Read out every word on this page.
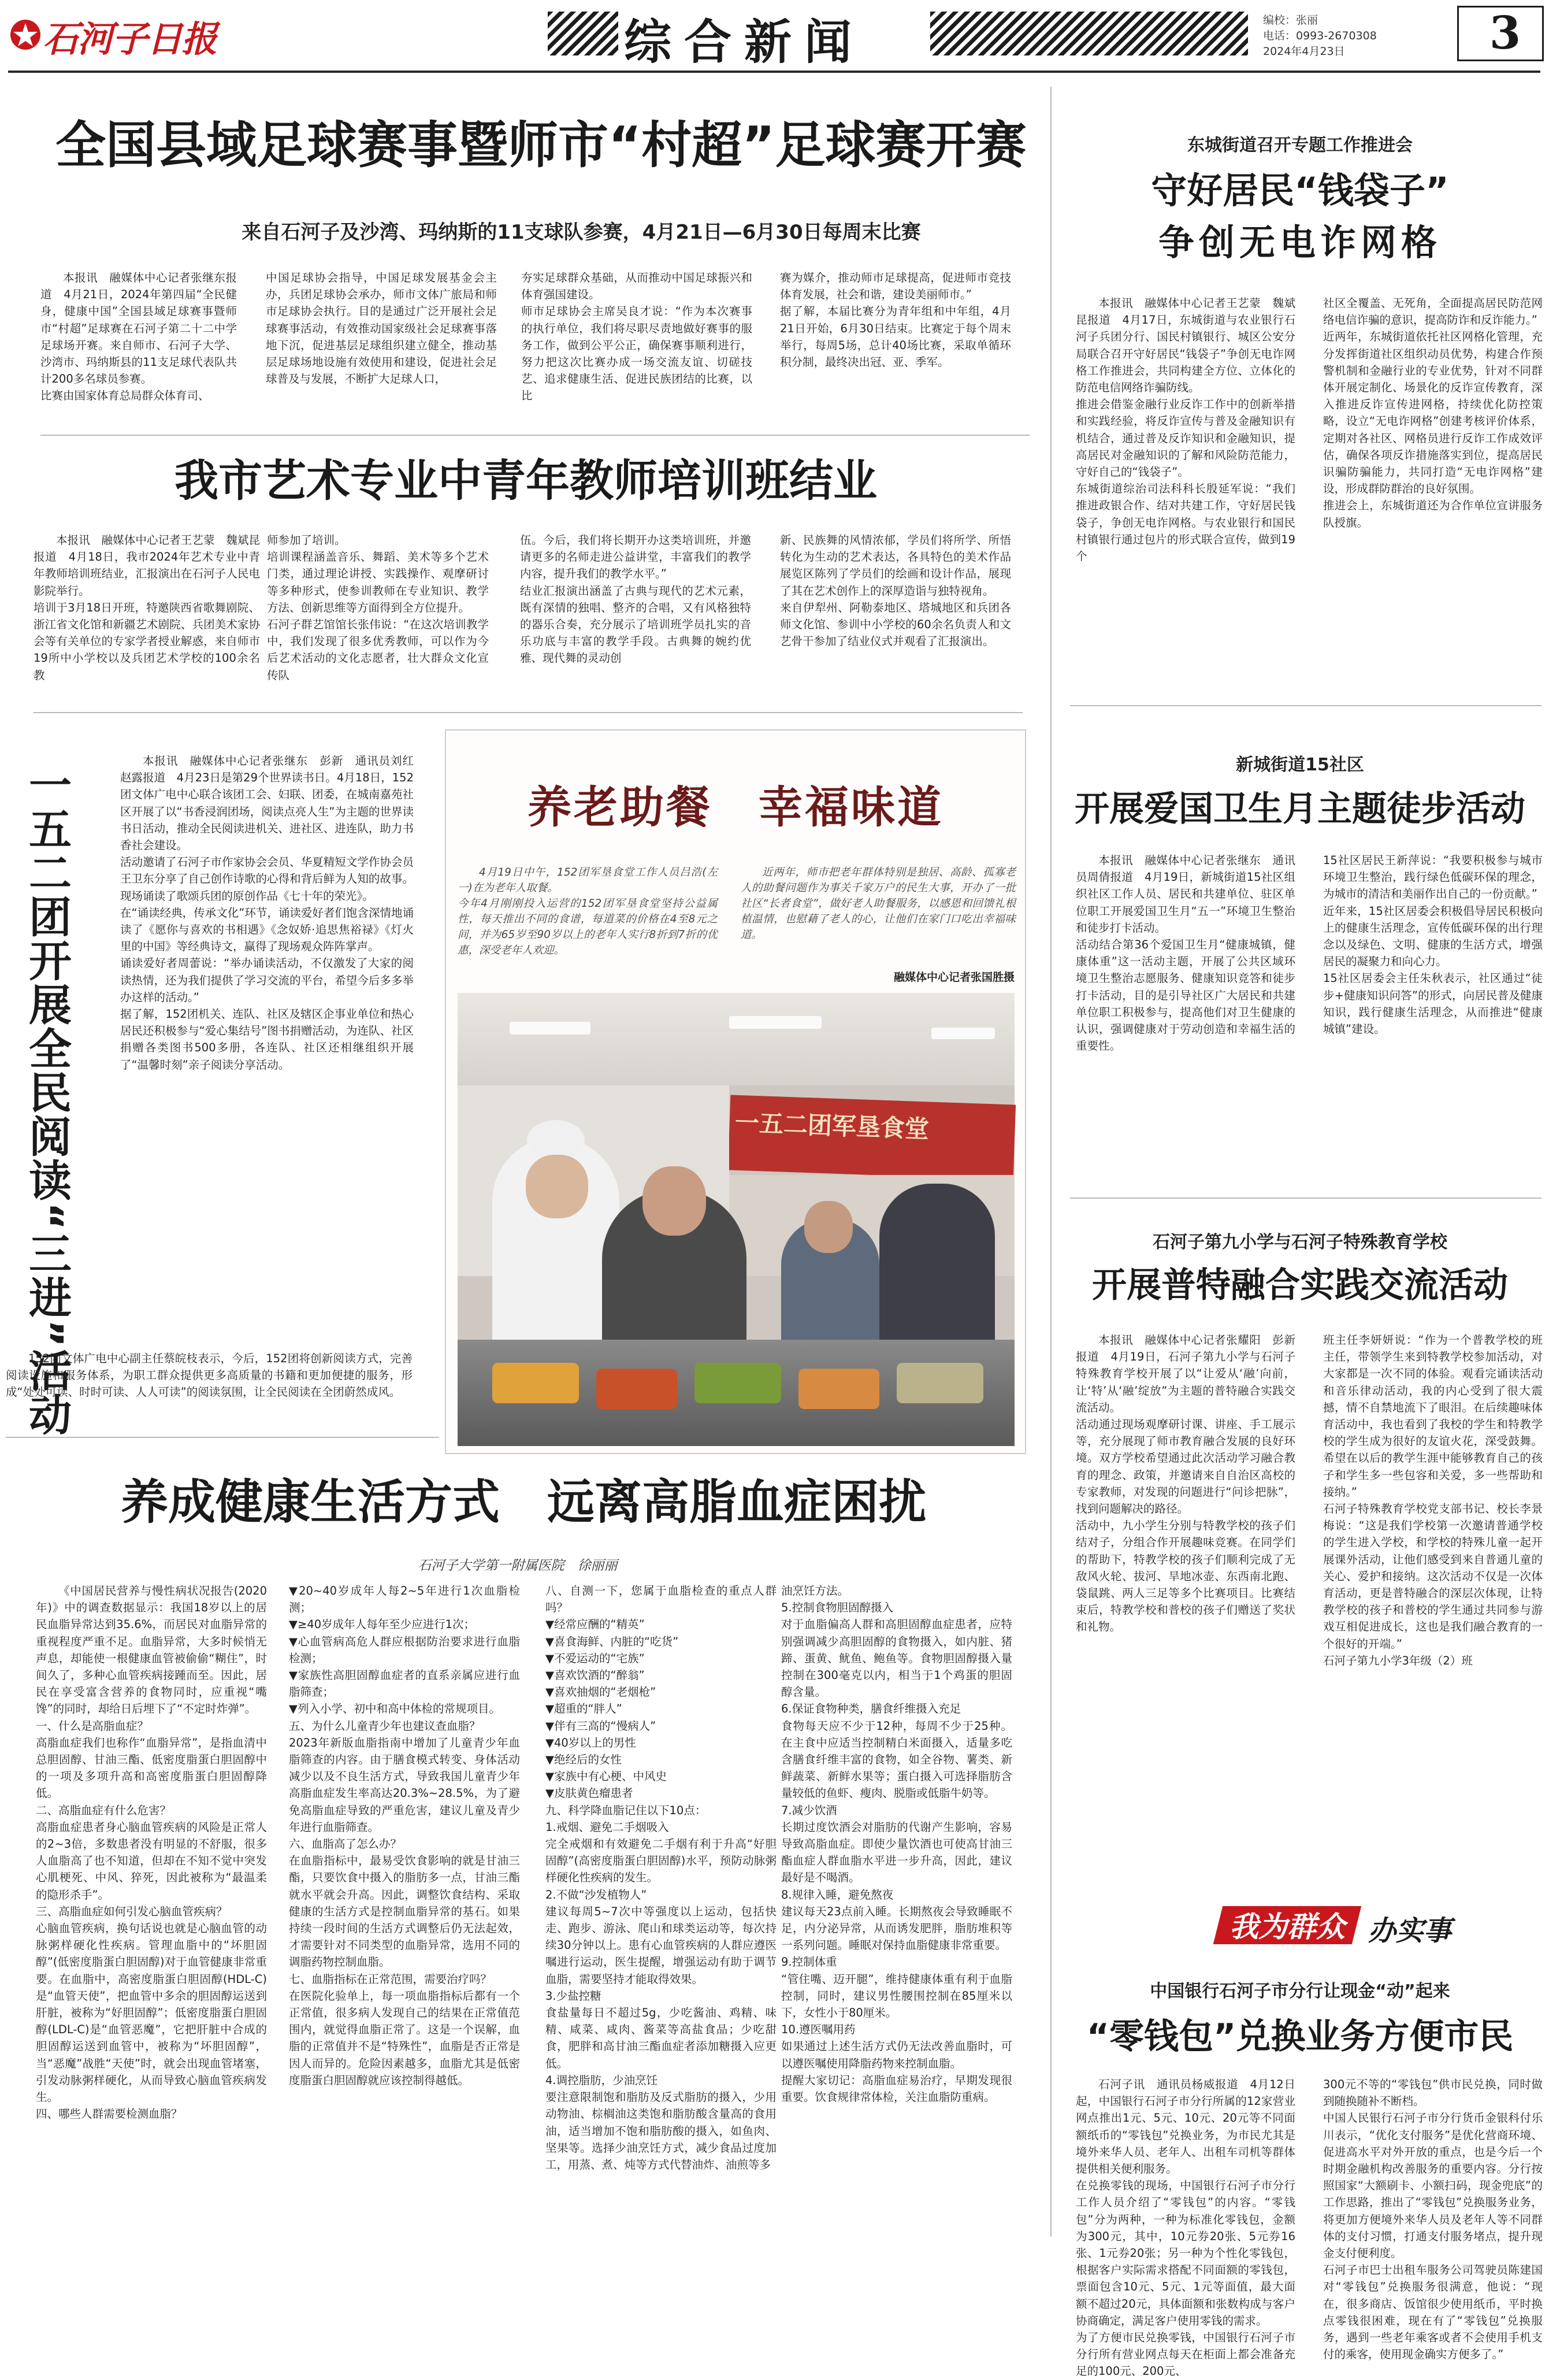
石河子日报	综合新闻	编校：张丽
电话：0993-2670308
2024年4月23日	3
全国县域足球赛事暨师市“村超”足球赛开赛
来自石河子及沙湾、玛纳斯的11支球队参赛，4月21日—6月30日每周末比赛
本报讯　融媒体中心记者张继东报道　4月21日，2024年第四届“全民健身，健康中国”全国县域足球赛事暨师市“村超”足球赛在石河子第二十二中学足球场开赛。来自师市、石河子大学、沙湾市、玛纳斯县的11支足球代表队共计200多名球员参赛。
比赛由国家体育总局群众体育司、
中国足球协会指导，中国足球发展基金会主办，兵团足球协会承办，师市文体广旅局和师市足球协会执行。目的是通过广泛开展社会足球赛事活动，有效推动国家级社会足球赛事落地下沉，促进基层足球组织建立健全，推动基层足球场地设施有效使用和建设，促进社会足球普及与发展，不断扩大足球人口，
夯实足球群众基础，从而推动中国足球振兴和体育强国建设。
师市足球协会主席吴良才说：“作为本次赛事的执行单位，我们将尽职尽责地做好赛事的服务工作，做到公平公正，确保赛事顺利进行，努力把这次比赛办成一场交流友谊、切磋技艺、追求健康生活、促进民族团结的比赛，以比
赛为媒介，推动师市足球提高，促进师市竞技体育发展，社会和谐，建设美丽师市。”
据了解，本届比赛分为青年组和中年组，4月21日开始，6月30日结束。比赛定于每个周末举行，每周5场，总计40场比赛，采取单循环积分制，最终决出冠、亚、季军。
我市艺术专业中青年教师培训班结业
本报讯　融媒体中心记者王艺蒙　魏斌昆报道　4月18日，我市2024年艺术专业中青年教师培训班结业，汇报演出在石河子人民电影院举行。
培训于3月18日开班，特邀陕西省歌舞剧院、浙江省文化馆和新疆艺术剧院、兵团美术家协会等有关单位的专家学者授业解惑，来自师市19所中小学校以及兵团艺术学校的100余名教
师参加了培训。
培训课程涵盖音乐、舞蹈、美术等多个艺术门类，通过理论讲授、实践操作、观摩研讨等多种形式，使参训教师在专业知识、教学方法、创新思维等方面得到全方位提升。
石河子群艺馆馆长张伟说：“在这次培训教学中，我们发现了很多优秀教师，可以作为今后艺术活动的文化志愿者，壮大群众文化宣传队
伍。今后，我们将长期开办这类培训班，并邀请更多的名师走进公益讲堂，丰富我们的教学内容，提升我们的教学水平。”
结业汇报演出涵盖了古典与现代的艺术元素，既有深情的独唱、整齐的合唱，又有风格独特的器乐合奏，充分展示了培训班学员扎实的音乐功底与丰富的教学手段。古典舞的婉约优雅、现代舞的灵动创
新、民族舞的风情浓郁，学员们将所学、所悟转化为生动的艺术表达，各具特色的美术作品展览区陈列了学员们的绘画和设计作品，展现了其在艺术创作上的深厚造诣与独特视角。
来自伊犁州、阿勒泰地区、塔城地区和兵团各师文化馆、参训中小学校的60余名负责人和文艺骨干参加了结业仪式并观看了汇报演出。
一五二团开展全民阅读“三进”活动
本报讯　融媒体中心记者张继东　彭新　通讯员刘红　赵露报道　4月23日是第29个世界读书日。4月18日，152团文体广电中心联合该团工会、妇联、团委，在城南嘉苑社区开展了以“书香浸润团场，阅读点亮人生”为主题的世界读书日活动，推动全民阅读进机关、进社区、进连队，助力书香社会建设。
活动邀请了石河子市作家协会会员、华夏精短文学作协会员王卫东分享了自己创作诗歌的心得和背后鲜为人知的故事。现场诵读了歌颂兵团的原创作品《七十年的荣光》。
在“诵读经典，传承文化”环节，诵读爱好者们饱含深情地诵读了《愿你与喜欢的书相遇》《念奴娇·追思焦裕禄》《灯火里的中国》等经典诗文，赢得了现场观众阵阵掌声。
诵读爱好者周蕾说：“举办诵读活动，不仅激发了大家的阅读热情，还为我们提供了学习交流的平台，希望今后多多举办这样的活动。”
据了解，152团机关、连队、社区及辖区企事业单位和热心居民还积极参与“爱心集结号”图书捐赠活动，为连队、社区捐赠各类图书500多册，各连队、社区还相继组织开展了“温馨时刻”亲子阅读分享活动。
152团文体广电中心副主任蔡皖枝表示，今后，152团将创新阅读方式，完善阅读设施和服务体系，为职工群众提供更多高质量的书籍和更加便捷的服务，形成“处处可读、时时可读、人人可读”的阅读氛围，让全民阅读在全团蔚然成风。
养老助餐　幸福味道
4月19日中午，152团军垦食堂工作人员吕浩(左一)在为老年人取餐。
今年4月刚刚投入运营的152团军垦食堂坚持公益属性，每天推出不同的食谱，每道菜的价格在4至8元之间，并为65岁至90岁以上的老年人实行8折到7折的优惠，深受老年人欢迎。
近两年，师市把老年群体特别是独居、高龄、孤寡老人的助餐问题作为事关千家万户的民生大事，开办了一批社区“长者食堂”，做好老人助餐服务，以感恩和回馈礼根植温情，也慰藉了老人的心，让他们在家门口吃出幸福味道。
融媒体中心记者张国胜摄
一五二团军垦食堂
养成健康生活方式　远离高脂血症困扰
石河子大学第一附属医院　徐丽丽
《中国居民营养与慢性病状况报告(2020年)》中的调查数据显示：我国18岁以上的居民血脂异常达到35.6%，而居民对血脂异常的重视程度严重不足。血脂异常，大多时候悄无声息，却能使一根健康血管被偷偷“糊住”，时间久了，多种心血管疾病接踵而至。因此，居民在享受富含营养的食物同时，应重视“嘴馋”的同时，却给日后埋下了“不定时炸弹”。
一、什么是高脂血症？
高脂血症我们也称作“血脂异常”，是指血清中总胆固醇、甘油三酯、低密度脂蛋白胆固醇中的一项及多项升高和高密度脂蛋白胆固醇降低。
二、高脂血症有什么危害？
高脂血症患者身心脑血管疾病的风险是正常人的2~3倍，多数患者没有明显的不舒服，很多人血脂高了也不知道，但却在不知不觉中突发心肌梗死、中风、猝死，因此被称为“最温柔的隐形杀手”。
三、高脂血症如何引发心脑血管疾病？
心脑血管疾病，换句话说也就是心脑血管的动脉粥样硬化性疾病。管理血脂中的“坏胆固醇”(低密度脂蛋白胆固醇)对于血管健康非常重要。在血脂中，高密度脂蛋白胆固醇(HDL-C)是“血管天使”，把血管中多余的胆固醇运送到肝脏，被称为“好胆固醇”；低密度脂蛋白胆固醇(LDL-C)是“血管恶魔”，它把肝脏中合成的胆固醇运送到血管中，被称为“坏胆固醇”，当“恶魔”战胜“天使”时，就会出现血管堵塞，引发动脉粥样硬化，从而导致心脑血管疾病发生。
四、哪些人群需要检测血脂？
▼20~40岁成年人每2~5年进行1次血脂检测；
▼≥40岁成年人每年至少应进行1次；
▼心血管病高危人群应根据防治要求进行血脂检测；
▼家族性高胆固醇血症者的直系亲属应进行血脂筛查；
▼列入小学、初中和高中体检的常规项目。
五、为什么儿童青少年也建议查血脂？
2023年新版血脂指南中增加了儿童青少年血脂筛查的内容。由于膳食模式转变、身体活动减少以及不良生活方式，导致我国儿童青少年高脂血症发生率高达20.3%~28.5%，为了避免高脂血症导致的严重危害，建议儿童及青少年进行血脂筛查。
六、血脂高了怎么办？
在血脂指标中，最易受饮食影响的就是甘油三酯，只要饮食中摄入的脂肪多一点，甘油三酯就水平就会升高。因此，调整饮食结构、采取健康的生活方式是控制血脂异常的基石。如果持续一段时间的生活方式调整后仍无法起效，才需要针对不同类型的血脂异常，选用不同的调脂药物控制血脂。
七、血脂指标在正常范围，需要治疗吗？
在医院化验单上，每一项血脂指标后都有一个正常值，很多病人发现自己的结果在正常值范围内，就觉得血脂正常了。这是一个误解，血脂的正常值并不是“特殊性”，血脂是否正常是因人而异的。危险因素越多，血脂尤其是低密度脂蛋白胆固醇就应该控制得越低。
八、自测一下，您属于血脂检查的重点人群吗？
▼经常应酬的“精英”
▼喜食海鲜、内脏的“吃货”
▼不爱运动的“宅族”
▼喜欢饮酒的“醉翁”
▼喜欢抽烟的“老烟枪”
▼超重的“胖人”
▼伴有三高的“慢病人”
▼40岁以上的男性
▼绝经后的女性
▼家族中有心梗、中风史
▼皮肤黄色瘤患者
九、科学降血脂记住以下10点：
1.戒烟、避免二手烟吸入
完全戒烟和有效避免二手烟有利于升高“好胆固醇”(高密度脂蛋白胆固醇)水平，预防动脉粥样硬化性疾病的发生。
2.不做“沙发植物人”
建议每周5~7次中等强度以上运动，包括快走、跑步、游泳、爬山和球类运动等，每次持续30分钟以上。患有心血管疾病的人群应遵医嘱进行运动，医生提醒，增强运动有助于调节血脂，需要坚持才能取得效果。
3.少盐控糖
食盐量每日不超过5g，少吃酱油、鸡精、味精、咸菜、咸肉、酱菜等高盐食品；少吃甜食，肥胖和高甘油三酯血症者添加糖摄入应更低。
4.调控脂肪，少油烹饪
要注意限制饱和脂肪及反式脂肪的摄入，少用动物油、棕榈油这类饱和脂肪酸含量高的食用油，适当增加不饱和脂肪酸的摄入，如鱼肉、坚果等。选择少油烹饪方式，减少食品过度加工，用蒸、煮、炖等方式代替油炸、油煎等多
油烹饪方法。
5.控制食物胆固醇摄入
对于血脂偏高人群和高胆固醇血症患者，应特别强调减少高胆固醇的食物摄入，如内脏、猪蹄、蛋黄、鱿鱼、鲍鱼等。食物胆固醇摄入量控制在300毫克以内，相当于1个鸡蛋的胆固醇含量。
6.保证食物种类，膳食纤维摄入充足
食物每天应不少于12种，每周不少于25种。在主食中应适当控制精白米面摄入，适量多吃含膳食纤维丰富的食物，如全谷物、薯类、新鲜蔬菜、新鲜水果等；蛋白摄入可选择脂肪含量较低的鱼虾、瘦肉、脱脂或低脂牛奶等。
7.减少饮酒
长期过度饮酒会对脂肪的代谢产生影响，容易导致高脂血症。即使少量饮酒也可使高甘油三酯血症人群血脂水平进一步升高，因此，建议最好是不喝酒。
8.规律入睡，避免熬夜
建议每天23点前入睡。长期熬夜会导致睡眠不足，内分泌异常，从而诱发肥胖，脂肪堆积等一系列问题。睡眠对保持血脂健康非常重要。
9.控制体重
“管住嘴、迈开腿”，维持健康体重有利于血脂控制，同时，建议男性腰围控制在85厘米以下，女性小于80厘米。
10.遵医嘱用药
如果通过上述生活方式仍无法改善血脂时，可以遵医嘱使用降脂药物来控制血脂。
提醒大家切记：高脂血症易治疗，早期发现很重要。饮食规律常体检，关注血脂防重病。
东城街道召开专题工作推进会
守好居民“钱袋子”
争创无电诈网格
本报讯　融媒体中心记者王艺蒙　魏斌昆报道　4月17日，东城街道与农业银行石河子兵团分行、国民村镇银行、城区公安分局联合召开守好居民“钱袋子”争创无电诈网格工作推进会，共同构建全方位、立体化的防范电信网络诈骗防线。
推进会借鉴金融行业反诈工作中的创新举措和实践经验，将反诈宣传与普及金融知识有机结合，通过普及反诈知识和金融知识，提高居民对金融知识的了解和风险防范能力，守好自己的“钱袋子”。
东城街道综治司法科科长殷延军说：“我们推进政银合作、结对共建工作，守好居民钱袋子，争创无电诈网格。与农业银行和国民村镇银行通过包片的形式联合宣传，做到19个
社区全覆盖、无死角，全面提高居民防范网络电信诈骗的意识，提高防诈和反诈能力。”
近两年，东城街道依托社区网格化管理，充分发挥街道社区组织动员优势，构建合作预警机制和金融行业的专业优势，针对不同群体开展定制化、场景化的反诈宣传教育，深入推进反诈宣传进网格，持续优化防控策略，设立“无电诈网格”创建考核评价体系，定期对各社区、网格员进行反诈工作成效评估，确保各项反诈措施落实到位，提高居民识骗防骗能力，共同打造“无电诈网格”建设，形成群防群治的良好氛围。
推进会上，东城街道还为合作单位宣讲服务队授旗。
新城街道15社区
开展爱国卫生月主题徒步活动
本报讯　融媒体中心记者张继东　通讯员周倩报道　4月19日，新城街道15社区组织社区工作人员、居民和共建单位、驻区单位职工开展爱国卫生月“五一”环境卫生整治和徒步打卡活动。
活动结合第36个爱国卫生月“健康城镇，健康体重”这一活动主题，开展了公共区域环境卫生整治志愿服务、健康知识竞答和徒步打卡活动，目的是引导社区广大居民和共建单位职工积极参与，提高他们对卫生健康的认识，强调健康对于劳动创造和幸福生活的重要性。
15社区居民王新萍说：“我要积极参与城市环境卫生整治，践行绿色低碳环保的理念，为城市的清洁和美丽作出自己的一份贡献。”
近年来，15社区居委会积极倡导居民积极向上的健康生活理念，宣传低碳环保的出行理念以及绿色、文明、健康的生活方式，增强居民的凝聚力和向心力。
15社区居委会主任朱秋表示，社区通过“徒步+健康知识问答”的形式，向居民普及健康知识，践行健康生活理念，从而推进“健康城镇”建设。
石河子第九小学与石河子特殊教育学校
开展普特融合实践交流活动
本报讯　融媒体中心记者张耀阳　彭新报道　4月19日，石河子第九小学与石河子特殊教育学校开展了以“让爱从‘融’向前，让‘特’从‘融’绽放”为主题的普特融合实践交流活动。
活动通过现场观摩研讨课、讲座、手工展示等，充分展现了师市教育融合发展的良好环境。双方学校希望通过此次活动学习融合教育的理念、政策，并邀请来自自治区高校的专家教师，对发现的问题进行“问诊把脉”，找到问题解决的路径。
活动中，九小学生分别与特教学校的孩子们结对子，分组合作开展趣味竞赛。在同学们的帮助下，特教学校的孩子们顺利完成了无敌风火轮、拔河、旱地冰壶、东西南北跑、袋鼠跳、两人三足等多个比赛项目。比赛结束后，特教学校和普校的孩子们赠送了奖状和礼物。
班主任李妍妍说：“作为一个普教学校的班主任，带领学生来到特教学校参加活动，对大家都是一次不同的体验。观看完诵读活动和音乐律动活动，我的内心受到了很大震撼，情不自禁地流下了眼泪。在后续趣味体育活动中，我也看到了我校的学生和特教学校的学生成为很好的友谊火花，深受鼓舞。希望在以后的教学生涯中能够教育自己的孩子和学生多一些包容和关爱，多一些帮助和接纳。”
石河子特殊教育学校党支部书记、校长李景梅说：“这是我们学校第一次邀请普通学校的学生进入学校，和学校的特殊儿童一起开展课外活动，让他们感受到来自普通儿童的关心、爱护和接纳。这次活动不仅是一次体育活动，更是普特融合的深层次体现，让特教学校的孩子和普校的学生通过共同参与游戏互相促进成长，这也是我们融合教育的一个很好的开端。”
石河子第九小学3年级（2）班
我为群众 办实事
中国银行石河子市分行让现金“动”起来
“零钱包”兑换业务方便市民
石河子讯　通讯员杨威报道　4月12日起，中国银行石河子市分行所属的12家营业网点推出1元、5元、10元、20元等不同面额纸币的“零钱包”兑换业务，为市民尤其是境外来华人员、老年人、出租车司机等群体提供相关便利服务。
在兑换零钱的现场，中国银行石河子市分行工作人员介绍了“零钱包”的内容。“零钱包”分为两种，一种为标准化零钱包，金额为300元，其中，10元券20张、5元券16张、1元券20张；另一种为个性化零钱包，根据客户实际需求搭配不同面额的零钱包，票面包含10元、5元、1元等面值，最大面额不超过20元，具体面额和张数构成与客户协商确定，满足客户使用零钱的需求。
为了方便市民兑换零钱，中国银行石河子市分行所有营业网点每天在柜面上都会准备充足的100元、200元、
300元不等的“零钱包”供市民兑换，同时做到随换随补不断档。
中国人民银行石河子市分行货币金银科付乐川表示，“优化支付服务”是优化营商环境、促进高水平对外开放的重点，也是今后一个时期金融机构改善服务的重要内容。分行按照国家“大额刷卡、小额扫码，现金兜底”的工作思路，推出了“零钱包”兑换服务业务，将更加方便境外来华人员及老年人等不同群体的支付习惯，打通支付服务堵点，提升现金支付便利度。
石河子市巴士出租车服务公司驾驶员陈建国对“零钱包”兑换服务很满意，他说：“现在，很多商店、饭馆很少使用纸币，平时换点零钱很困难，现在有了“零钱包”兑换服务，遇到一些老年乘客或者不会使用手机支付的乘客，使用现金确实方便多了。”
